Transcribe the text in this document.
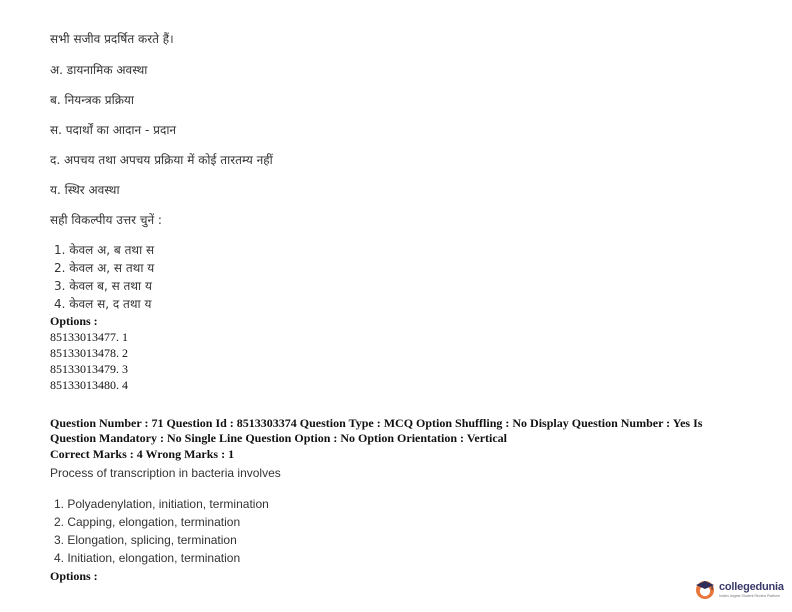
सभी सजीव प्रदर्षित करते हैं।
अ. डायनामिक अवस्था
ब. नियन्त्रक प्रक्रिया
स. पदार्थों का आदान - प्रदान
द. अपचय तथा अपचय प्रक्रिया में कोई तारतम्य नहीं
य. स्थिर अवस्था
सही विकल्पीय उत्तर चुनें :
1. केवल अ, ब तथा स
2. केवल अ, स तथा य
3. केवल ब, स तथा य
4. केवल स, द तथा य
Options :
85133013477. 1
85133013478. 2
85133013479. 3
85133013480. 4
Question Number : 71 Question Id : 8513303374 Question Type : MCQ Option Shuffling : No Display Question Number : Yes Is
Question Mandatory : No Single Line Question Option : No Option Orientation : Vertical
Correct Marks : 4 Wrong Marks : 1
Process of transcription in bacteria involves
1. Polyadenylation, initiation, termination
2. Capping, elongation, termination
3. Elongation, splicing, termination
4. Initiation, elongation, termination
Options :
collegedunia
India's largest Student Review Platform
